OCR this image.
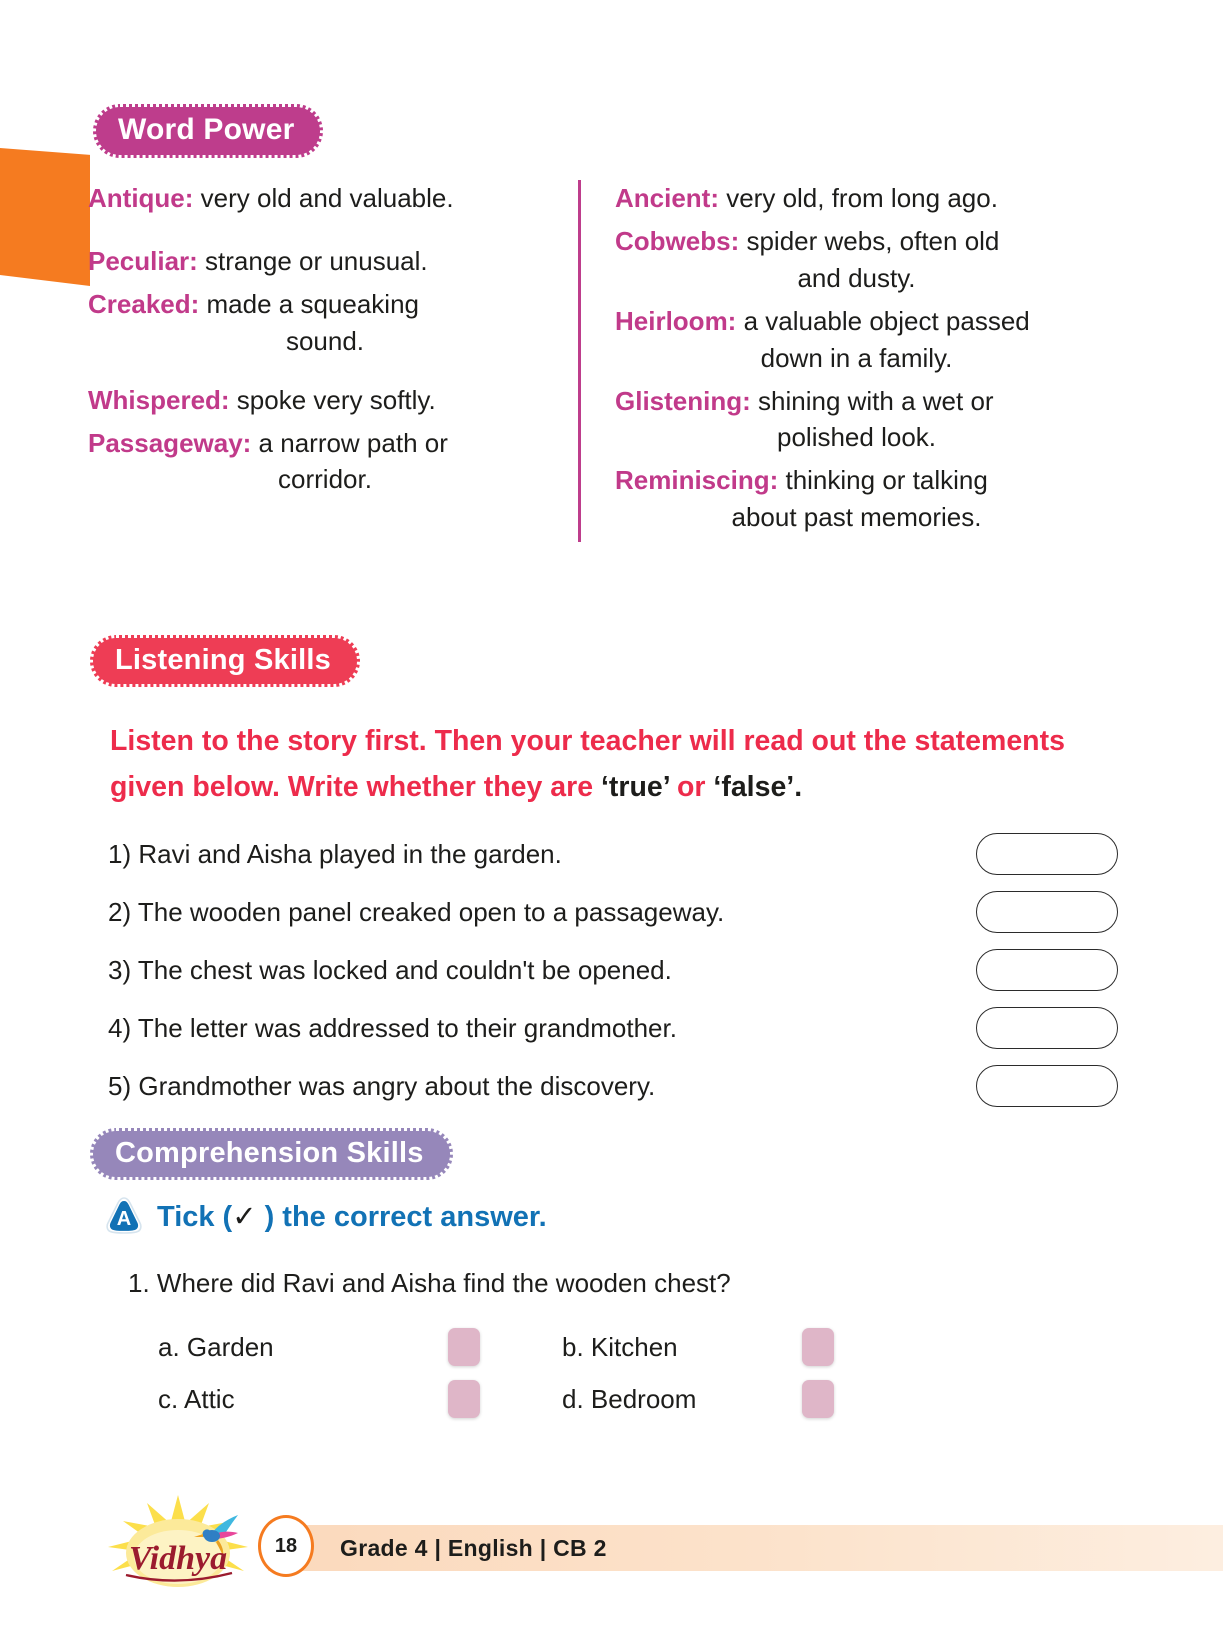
Word Power
Antique: very old and valuable.
Peculiar: strange or unusual.
Creaked: made a squeaking
sound.
Whispered: spoke very softly.
Passageway: a narrow path or
corridor.
Ancient: very old, from long ago.
Cobwebs: spider webs, often old
and dusty.
Heirloom: a valuable object passed
down in a family.
Glistening: shining with a wet or
polished look.
Reminiscing: thinking or talking
about past memories.
Listening Skills
Listen to the story first. Then your teacher will read out the statements given below. Write whether they are ‘true’ or ‘false’.
1) Ravi and Aisha played in the garden.
2) The wooden panel creaked open to a passageway.
3) The chest was locked and couldn't be opened.
4) The letter was addressed to their grandmother.
5) Grandmother was angry about the discovery.
Comprehension Skills
A Tick (✓ ) the correct answer.
1. Where did Ravi and Aisha find the wooden chest?
a. Garden	b. Kitchen
c. Attic	d. Bedroom
Vidhya 18 Grade 4 | English | CB 2
